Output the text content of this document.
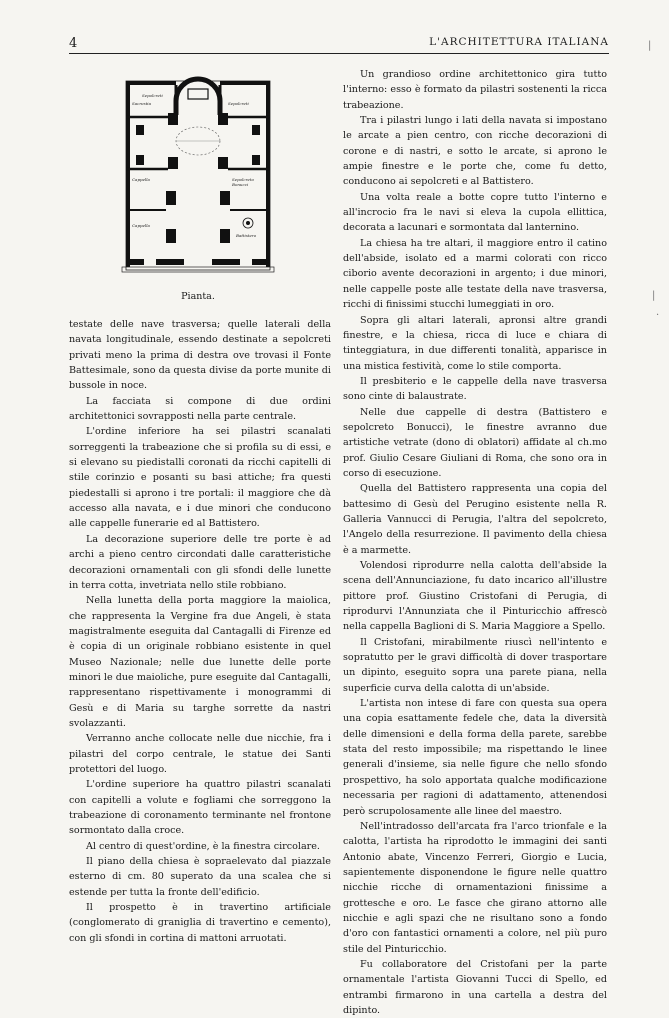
4	L'ARCHITETTURA ITALIANA
Sacrestia
Sepolcreti
Sepolcreti
Cappella	Sepolcreto Bonucci
Cappella
Battistero
Pianta.

testate delle nave trasversa; quelle laterali della navata longitudinale, essendo destinate a sepolcreti privati meno la prima di destra ove trovasi il Fonte Battesimale, sono da questa divise da porte munite di bussole in noce.

La facciata si compone di due ordini architettonici sovrapposti nella parte centrale.

L'ordine inferiore ha sei pilastri scanalati sorreggenti la trabeazione che si profila su di essi, e si elevano su piedistalli coronati da ricchi capitelli di stile corinzio e posanti su basi attiche; fra questi piedestalli si aprono i tre portali: il maggiore che dà accesso alla navata, e i due minori che conducono alle cappelle funerarie ed al Battistero.

La decorazione superiore delle tre porte è ad archi a pieno centro circondati dalle caratteristiche decorazioni ornamentali con gli sfondi delle lunette in terra cotta, invetriata nello stile robbiano.

Nella lunetta della porta maggiore la maiolica, che rappresenta la Vergine fra due Angeli, è stata magistralmente eseguita dal Cantagalli di Firenze ed è copia di un originale robbiano esistente in quel Museo Nazionale; nelle due lunette delle porte minori le due maioliche, pure eseguite dal Cantagalli, rappresentano rispettivamente i monogrammi di Gesù e di Maria su targhe sorrette da nastri svolazzanti.

Verranno anche collocate nelle due nicchie, fra i pilastri del corpo centrale, le statue dei Santi protettori del luogo.

L'ordine superiore ha quattro pilastri scanalati con capitelli a volute e fogliami che sorreggono la trabeazione di coronamento terminante nel frontone sormontato dalla croce.

Al centro di quest'ordine, è la finestra circolare.

Il piano della chiesa è sopraelevato dal piazzale esterno di cm. 80 superato da una scalea che si estende per tutta la fronte dell'edificio.

Il prospetto è in travertino artificiale (conglomerato di graniglia di travertino e cemento), con gli sfondi in cortina di mattoni arruotati.

Un grandioso ordine architettonico gira tutto l'interno: esso è formato da pilastri sostenenti la ricca trabeazione.

Tra i pilastri lungo i lati della navata si impostano le arcate a pien centro, con ricche decorazioni di corone e di nastri, e sotto le arcate, si aprono le ampie finestre e le porte che, come fu detto, conducono ai sepolcreti e al Battistero.

Una volta reale a botte copre tutto l'interno e all'incrocio fra le navi si eleva la cupola ellittica, decorata a lacunari e sormontata dal lanternino.

La chiesa ha tre altari, il maggiore entro il catino dell'abside, isolato ed a marmi colorati con ricco ciborio avente decorazioni in argento; i due minori, nelle cappelle poste alle testate della nave trasversa, ricchi di finissimi stucchi lumeggiati in oro.

Sopra gli altari laterali, apronsi altre grandi finestre, e la chiesa, ricca di luce e chiara di tinteggiatura, in due differenti tonalità, apparisce in una mistica festività, come lo stile comporta.

Il presbiterio e le cappelle della nave trasversa sono cinte di balaustrate.

Nelle due cappelle di destra (Battistero e sepolcreto Bonucci), le finestre avranno due artistiche vetrate (dono di oblatori) affidate al ch.mo prof. Giulio Cesare Giuliani di Roma, che sono ora in corso di esecuzione.

Quella del Battistero rappresenta una copia del battesimo di Gesù del Perugino esistente nella R. Galleria Vannucci di Perugia, l'altra del sepolcreto, l'Angelo della resurrezione. Il pavimento della chiesa è a marmette.

Volendosi riprodurre nella calotta dell'abside la scena dell'Annunciazione, fu dato incarico all'illustre pittore prof. Giustino Cristofani di Perugia, di riprodurvi l'Annunziata che il Pinturicchio affrescò nella cappella Baglioni di S. Maria Maggiore a Spello.

Il Cristofani, mirabilmente riuscì nell'intento e sopratutto per le gravi difficoltà di dover trasportare un dipinto, eseguito sopra una parete piana, nella superficie curva della calotta di un'abside.

L'artista non intese di fare con questa sua opera una copia esattamente fedele che, data la diversità delle dimensioni e della forma della parete, sarebbe stata del resto impossibile; ma rispettando le linee generali d'insieme, sia nelle figure che nello sfondo prospettivo, ha solo apportata qualche modificazione necessaria per ragioni di adattamento, attenendosi però scrupolosamente alle linee del maestro.

Nell'intradosso dell'arcata fra l'arco trionfale e la calotta, l'artista ha riprodotto le immagini dei santi Antonio abate, Vincenzo Ferreri, Giorgio e Lucia, sapientemente disponendone le figure nelle quattro nicchie ricche di ornamentazioni finissime a grottesche e oro. Le fasce che girano attorno alle nicchie e agli spazi che ne risultano sono a fondo d'oro con fantastici ornamenti a colore, nel più puro stile del Pinturicchio.

Fu collaboratore del Cristofani per la parte ornamentale l'artista Giovanni Tucci di Spello, ed entrambi firmarono in una cartella a destra del dipinto.

|
|
·
